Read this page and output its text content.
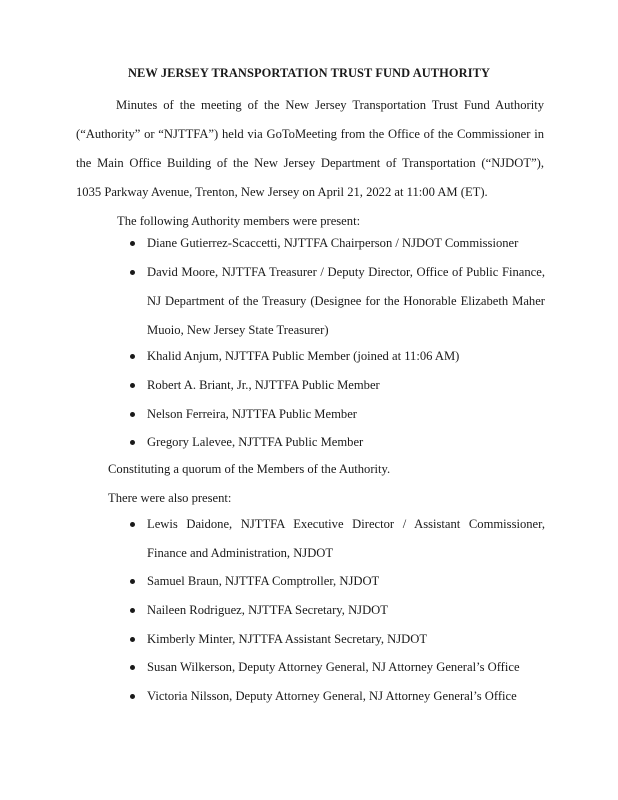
NEW JERSEY TRANSPORTATION TRUST FUND AUTHORITY

Minutes of the meeting of the New Jersey Transportation Trust Fund Authority (“Authority” or “NJTTFA”) held via GoToMeeting from the Office of the Commissioner in the Main Office Building of the New Jersey Department of Transportation (“NJDOT”), 1035 Parkway Avenue, Trenton, New Jersey on April 21, 2022 at 11:00 AM (ET).

The following Authority members were present:

Diane Gutierrez-Scaccetti, NJTTFA Chairperson / NJDOT Commissioner
David Moore, NJTTFA Treasurer / Deputy Director, Office of Public Finance, NJ Department of the Treasury (Designee for the Honorable Elizabeth Maher Muoio, New Jersey State Treasurer)
Khalid Anjum, NJTTFA Public Member (joined at 11:06 AM)
Robert A. Briant, Jr., NJTTFA Public Member
Nelson Ferreira, NJTTFA Public Member
Gregory Lalevee, NJTTFA Public Member

Constituting a quorum of the Members of the Authority.

There were also present:

Lewis Daidone, NJTTFA Executive Director / Assistant Commissioner, Finance and Administration, NJDOT
Samuel Braun, NJTTFA Comptroller, NJDOT
Naileen Rodriguez, NJTTFA Secretary, NJDOT
Kimberly Minter, NJTTFA Assistant Secretary, NJDOT
Susan Wilkerson, Deputy Attorney General, NJ Attorney General’s Office
Victoria Nilsson, Deputy Attorney General, NJ Attorney General’s Office
